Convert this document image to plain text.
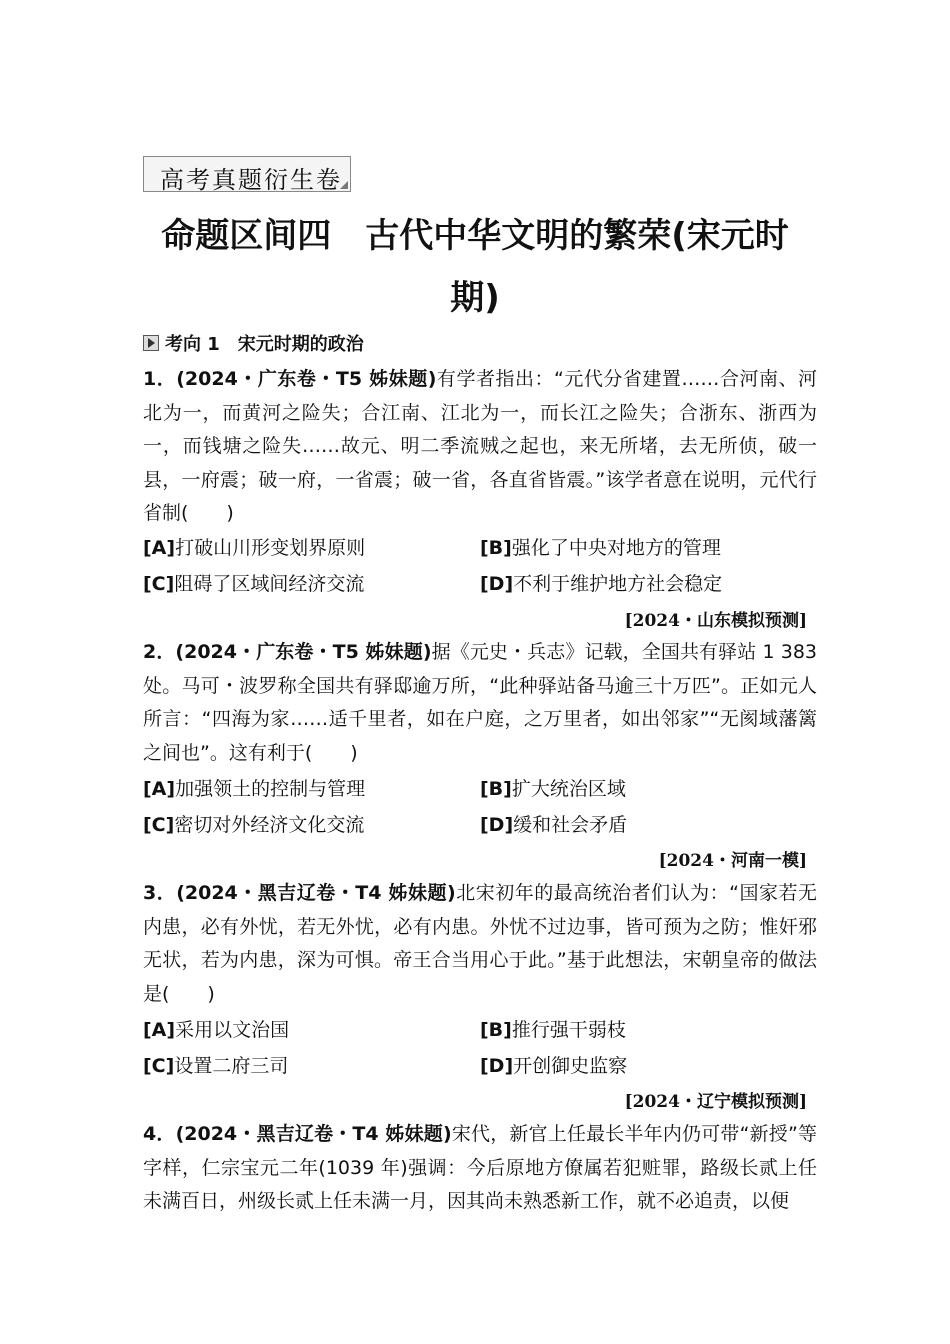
高考真题衍生卷
命题区间四　古代中华文明的繁荣(宋元时
期)
考向 1 宋元时期的政治
1．(2024・广东卷・T5 姊妹题)有学者指出：“元代分省建置……合河南、河北为一，而黄河之险失；合江南、江北为一，而长江之险失；合浙东、浙西为一，而钱塘之险失……故元、明二季流贼之起也，来无所堵，去无所侦，破一县，一府震；破一府，一省震；破一省，各直省皆震。”该学者意在说明，元代行省制(　　)
[A]打破山川形变划界原则	[B]强化了中央对地方的管理
[C]阻碍了区域间经济交流	[D]不利于维护地方社会稳定
[2024・山东模拟预测]
2．(2024・广东卷・T5 姊妹题)据《元史・兵志》记载，全国共有驿站 1 383 处。马可・波罗称全国共有驿邸逾万所，“此种驿站备马逾三十万匹”。正如元人所言：“四海为家……适千里者，如在户庭，之万里者，如出邻家”“无阂域藩篱之间也”。这有利于(　　)
[A]加强领土的控制与管理	[B]扩大统治区域
[C]密切对外经济文化交流	[D]缓和社会矛盾
[2024・河南一模]
3．(2024・黑吉辽卷・T4 姊妹题)北宋初年的最高统治者们认为：“国家若无内患，必有外忧，若无外忧，必有内患。外忧不过边事，皆可预为之防；惟奸邪无状，若为内患，深为可惧。帝王合当用心于此。”基于此想法，宋朝皇帝的做法是(　　)
[A]采用以文治国	[B]推行强干弱枝
[C]设置二府三司	[D]开创御史监察
[2024・辽宁模拟预测]
4．(2024・黑吉辽卷・T4 姊妹题)宋代，新官上任最长半年内仍可带“新授”等字样，仁宗宝元二年(1039 年)强调：今后原地方僚属若犯赃罪，路级长贰上任未满百日，州级长贰上任未满一月，因其尚未熟悉新工作，就不必追责，以便
